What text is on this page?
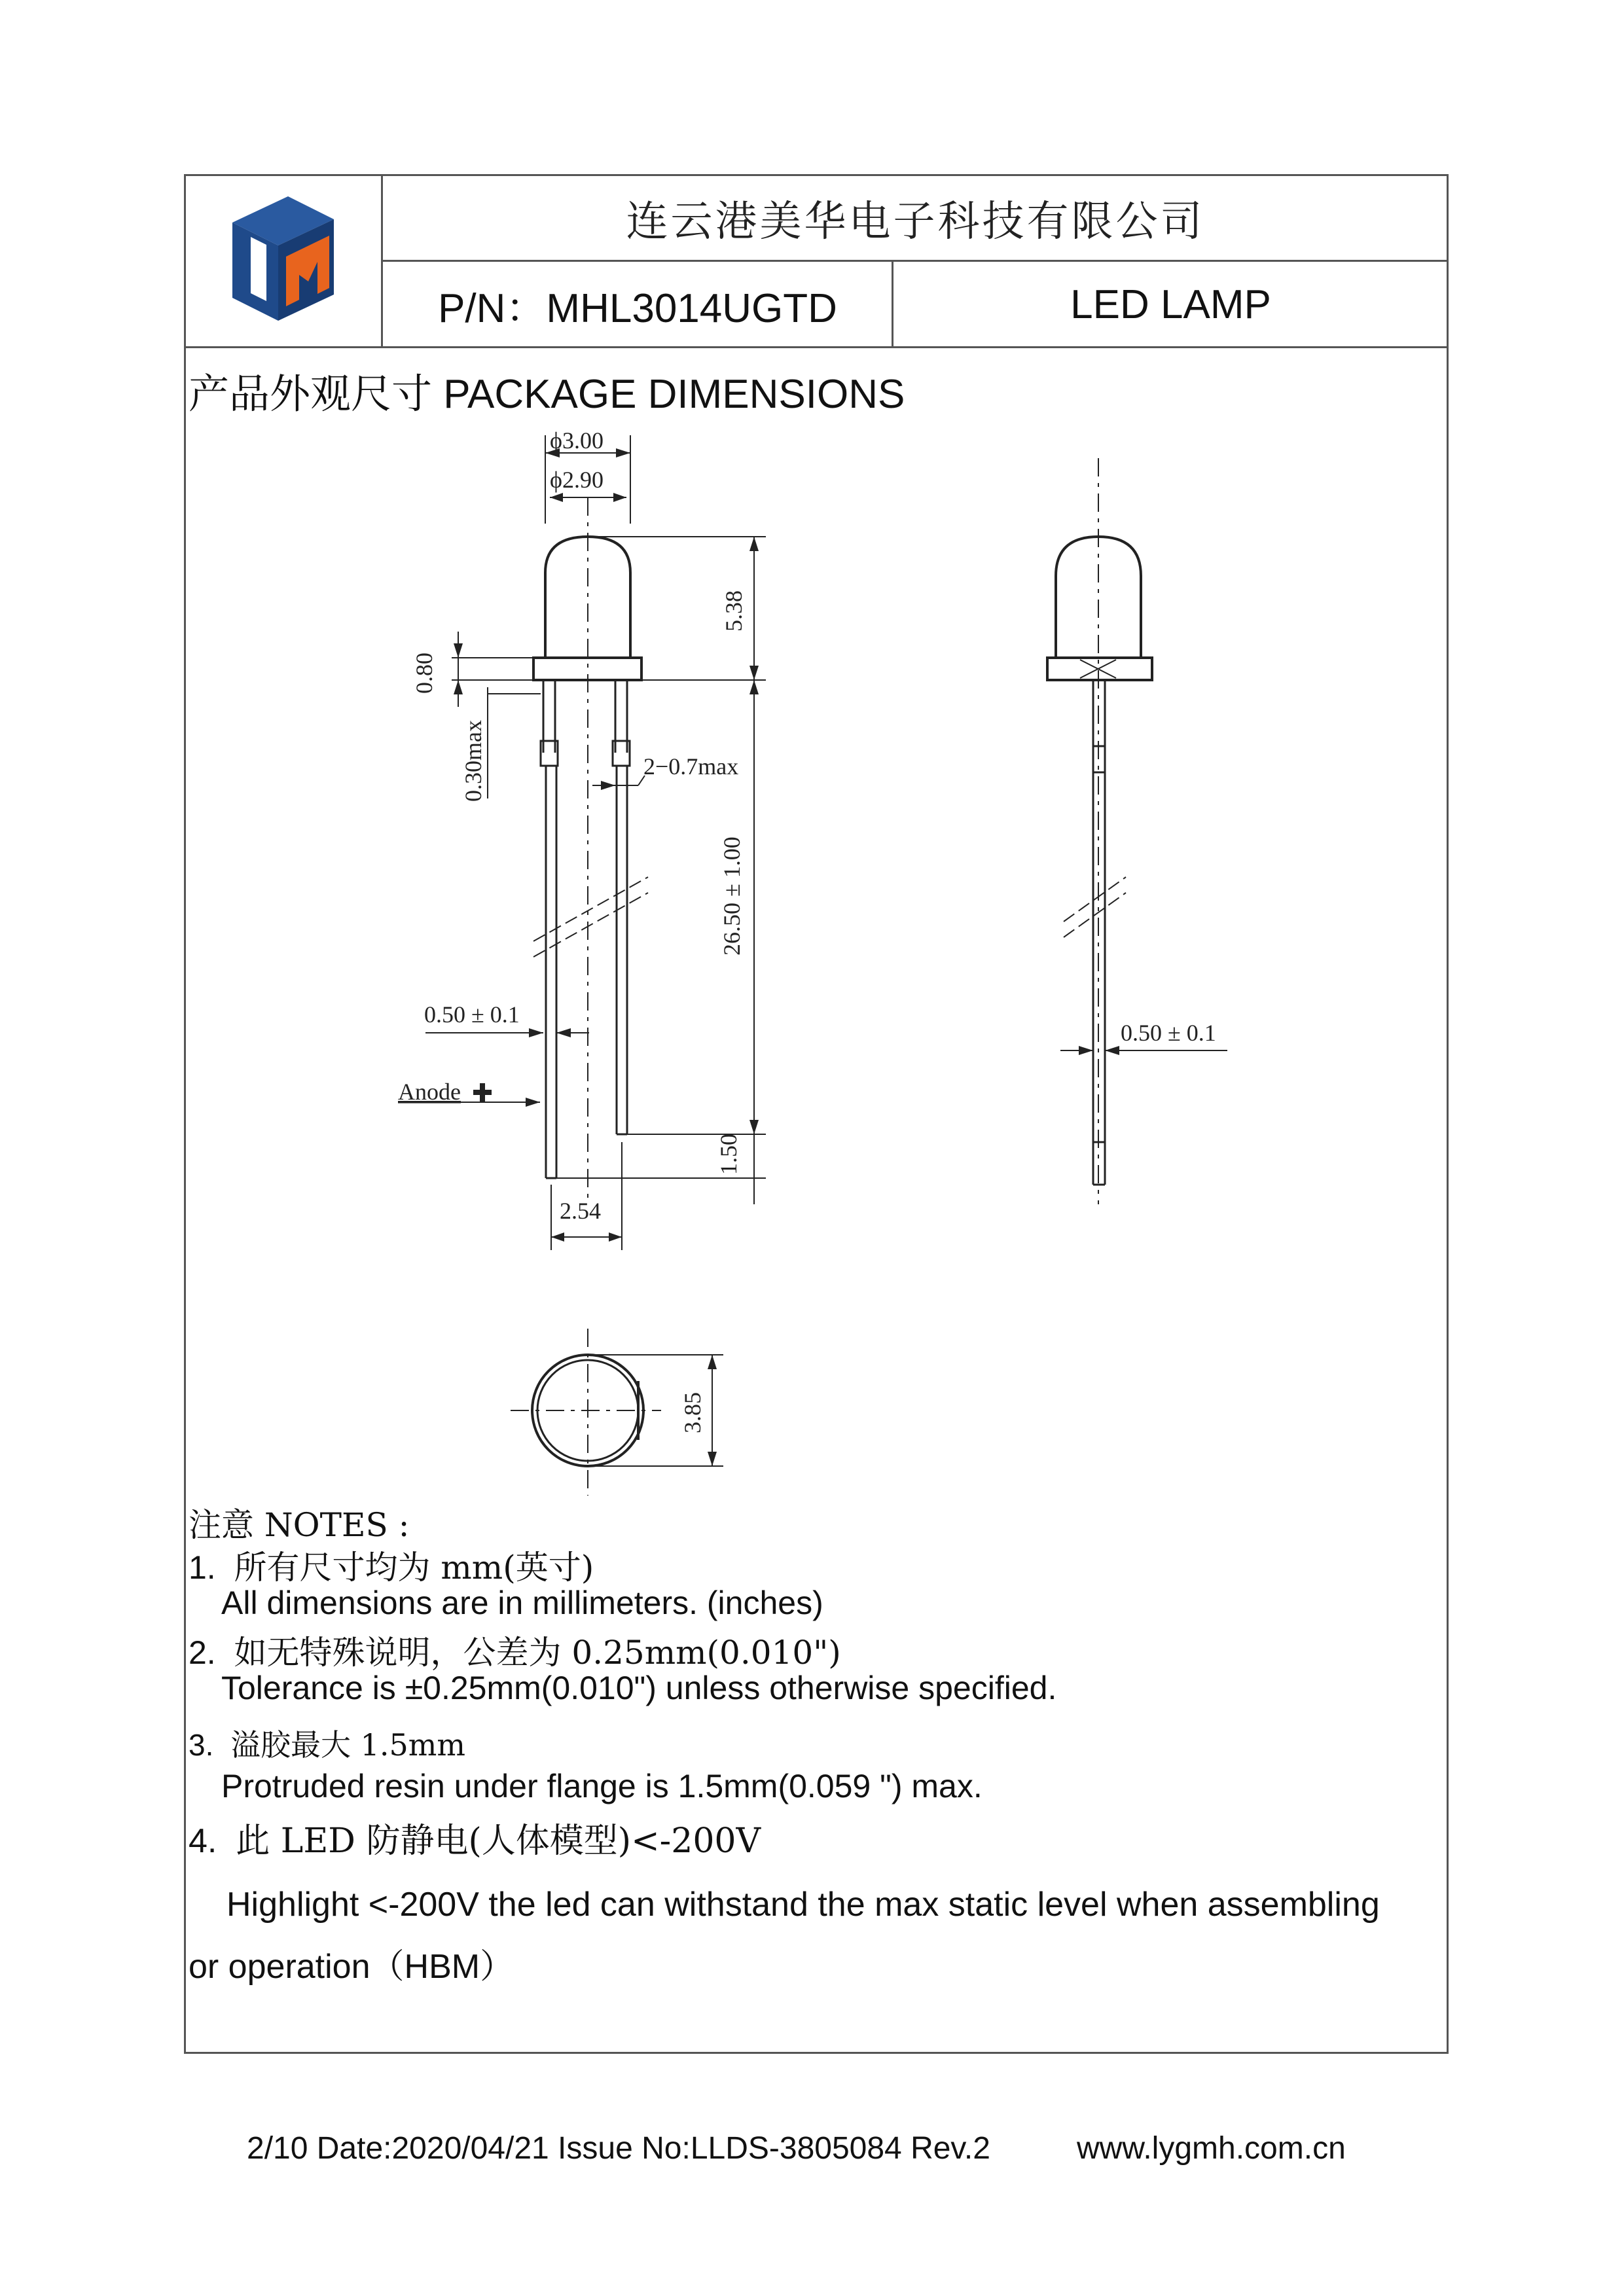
连云港美华电子科技有限公司
P/N：MHL3014UGTD	LED LAMP
产品外观尺寸 PACKAGE DIMENSIONS
ϕ3.00
ϕ2.90
5.38
0.80
0.30max	2−0.7max
26.50 ± 1.00
0.50 ± 0.1
Anode
1.50
2.54
0.50 ± 0.1
3.85
注意 NOTES :
1. 所有尺寸均为 mm(英寸)
All dimensions are in millimeters. (inches)
2. 如无特殊说明，公差为 0.25mm(0.010")
Tolerance is ±0.25mm(0.010") unless otherwise specified.
3. 溢胶最大 1.5mm
Protruded resin under flange is 1.5mm(0.059 ") max.
4. 此 LED 防静电(人体模型)<-200V
Highlight <-200V the led can withstand the max static level when assembling
or operation（HBM）
2/10 Date:2020/04/21 Issue No:LLDS-3805084 Rev.2	www.lygmh.com.cn
